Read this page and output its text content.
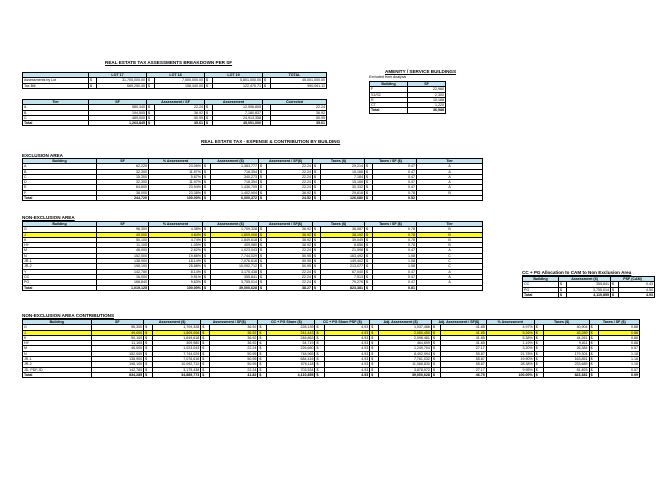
REAL ESTATE TAX ASSESSMENTS BREAKDOWN PER SF
AMENITY / SERVICE BUILDINGS
Excluded from Analysis
REAL ESTATE TAX - EXPENSE & CONTRIBUTION BY BUILDING
EXCLUSION AREA
NON-EXCLUSION AREA
CC + PG Allocation to CAM to Non Exclusion Area
NON-EXCLUSION AREA CONTRIBUTIONS
	LOT 17		LOT 18		LOT 19		TOTAL	
Assessments by Lot	$	31,700,000.00	$	7,500,000.00	$	5,801,000.00	$	45,001,000.00
Tax Bill	$	669,250.40	$	158,340.00	$	122,470.71	$	950,061.11
Tier	SF	Assessment / SF		Assessment		Corrected	
A	580,340	$	22.24	$	12,906,805		22.24
B	194,505	$	36.92	$	7,180,837		36.92
C	489,000	$	50.95	$	24,913,358		50.95
Total	1,263,845	$	35.61	$	45,001,000		35.61
Building	SF
F	22,980
S1/S2	2,300
R	10,168
CT	1,220
Total	36,988
Building	SF	% Assessment	Assessment ($)		Assessment / SF($)		Taxes ($)		Taxes / SF ($)		Tier
A	62,220	23.06%	$	1,383,777	$	22.24	$	29,214	$	0.47	A
B	32,300	11.97%	$	718,354	$	22.24	$	15,166	$	0.47	A
C	15,300	5.67%	$	340,273	$	22.24	$	7,184	$	0.47	A
D	32,300	11.97%	$	718,354	$	22.24	$	15,166	$	0.47	A
E	64,600	23.94%	$	1,436,709	$	22.24	$	30,332	$	0.47	A
F	38,000	23.38%	$	1,402,904	$	36.92	$	29,618	$	0.78	B
Total	244,720	100.00%	$	6,000,372	$	24.52	$	126,680	$	0.52	
Building	SF	% Assessment	Assessment ($)		Assessment / SF($)		Taxes ($)		Taxes / SF ($)		Tier
G	96,300	4.38%	$	1,709,328	$	36.92	$	36,087	$	0.78	B
J	49,000	4.64%	$	1,809,008	$	36.92	$	38,192	$	0.78	B
K	50,100	4.74%	$	1,849,618	$	36.92	$	39,049	$	0.78	B
HY	11,105	1.05%	$	409,980	$	36.92	$	8,656	$	0.78	B
M	46,000	2.62%	$	1,023,043	$	22.24	$	21,598	$	0.47	A
N	152,000	19.86%	$	7,744,029	$	50.95	$	163,492	$	1.08	C
JR-1	138,900	18.14%	$	7,076,616	$	50.95	$	149,402	$	1.08	C
JR-2	198,100	25.88%	$	10,092,712	$	50.95	$	213,077	$	1.08	C
Y	142,780	8.14%	$	3,175,438	$	22.24	$	67,040	$	0.47	A
CC	16,000	0.91%	$	355,841	$	22.24	$	7,513	$	0.47	A
PG	168,840	9.63%	$	3,755,014	$	22.24	$	79,276	$	0.47	A
Total	1,019,125	100.00%	$	39,000,628	$	38.27	$	823,381	$	0.81	
Building	Assessment ($)		PSF (CAM)	
CC	$	355,841	$	0.43
PG	$	3,755,014	$	4.50
Total	$	4,110,855	$	4.93
Building	SF	Assessment ($)		Assessment / SF($)		CC + PG Share ($)		CC + PG Share PSF ($)		Adj. Assessment ($)		Adj. Assessment / SF($)		% Assessment	Taxes ($)		Taxes / SF ($)	
G	96,300	$	1,709,328	$	36.92	$	228,139	$	4.93	$	1,937,466	$	41.85	4.97%	$	40,904	$	0.88
J	49,000	$	1,809,008	$	36.92	$	241,443	$	4.93	$	2,050,450	$	41.85	5.26%	$	43,289	$	0.88
K	50,100	$	1,849,618	$	36.92	$	246,863	$	4.93	$	2,096,481	$	41.85	5.38%	$	44,261	$	0.88
HY	11,105	$	409,980	$	36.92	$	54,719	$	4.93	$	464,699	$	41.85	1.19%	$	9,811	$	0.88
M	46,000	$	1,023,043	$	22.24	$	226,660	$	4.93	$	1,249,704	$	27.17	3.20%	$	26,384	$	0.57
N	152,000	$	7,744,029	$	50.95	$	748,965	$	4.93	$	8,492,994	$	55.87	21.78%	$	179,304	$	1.18
JR-1	138,900	$	7,076,616	$	50.95	$	684,416	$	4.93	$	7,761,032	$	55.87	19.90%	$	163,851	$	1.18
JR-2	198,100	$	10,092,712	$	50.95	$	976,118	$	4.93	$	11,068,830	$	55.87	28.38%	$	233,685	$	1.18
JD, PDF,JD	142,780	$	3,175,438	$	22.24	$	703,534	$	4.93	$	3,878,972	$	27.17	9.95%	$	81,893	$	0.57
Total	834,285	$	34,889,773	$	41.82	$	4,110,855	$	4.93	$	39,000,628	$	46.75	100.00%	$	823,381	$	0.99
